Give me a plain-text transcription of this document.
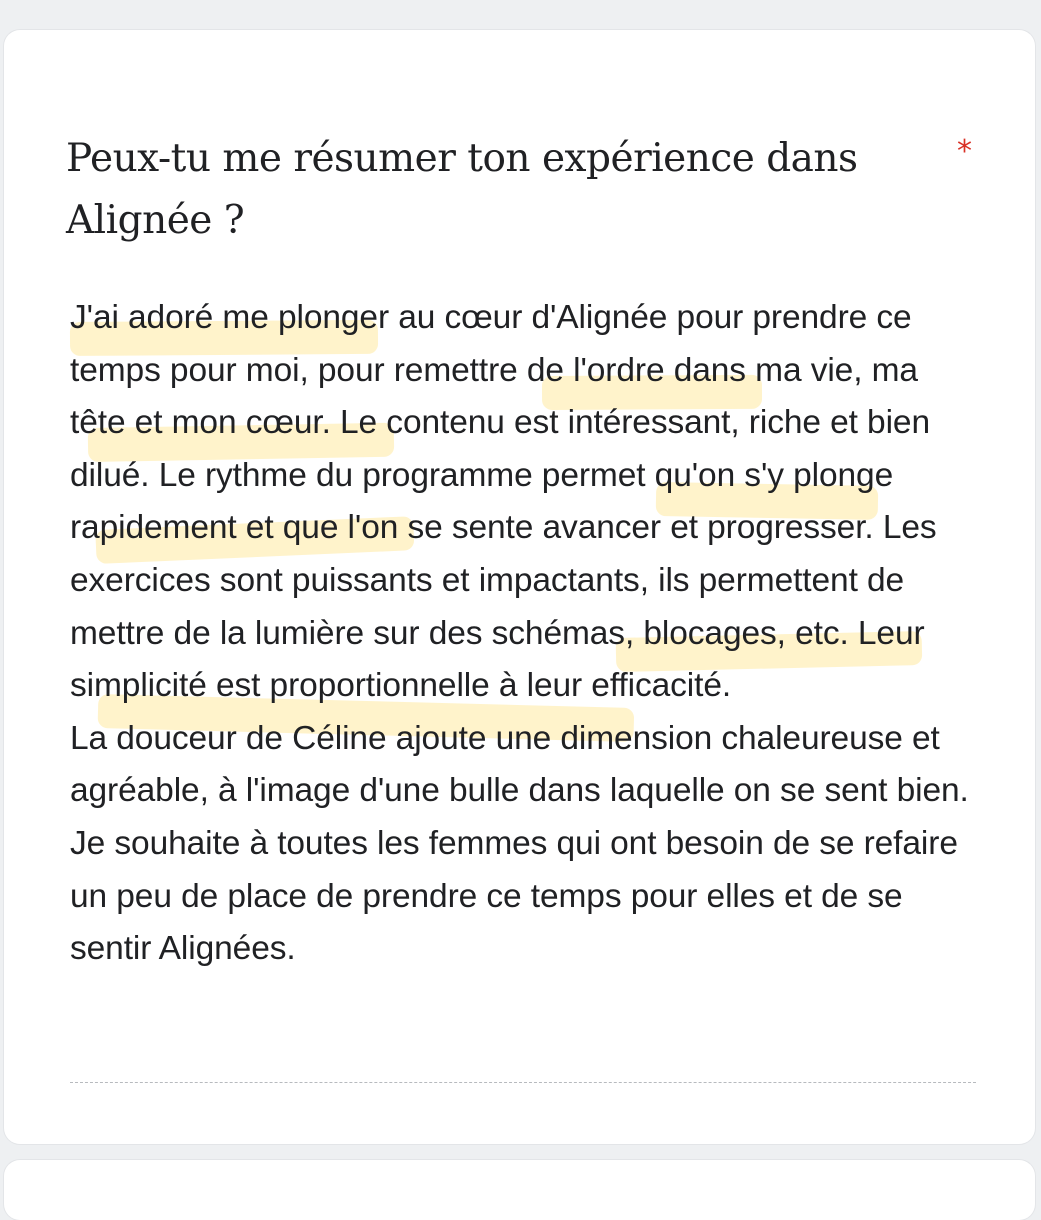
Peux-tu me résumer ton expérience dans Alignée ?
*

J'ai adoré me plonger au cœur d'Alignée pour prendre ce temps pour moi, pour remettre de l'ordre dans ma vie, ma tête et mon cœur. Le contenu est intéressant, riche et bien dilué. Le rythme du programme permet qu'on s'y plonge rapidement et que l'on se sente avancer et progresser. Les exercices sont puissants et impactants, ils permettent de mettre de la lumière sur des schémas, blocages, etc. Leur simplicité est proportionnelle à leur efficacité.
La douceur de Céline ajoute une dimension chaleureuse et agréable, à l'image d'une bulle dans laquelle on se sent bien.
Je souhaite à toutes les femmes qui ont besoin de se refaire un peu de place de prendre ce temps pour elles et de se sentir Alignées.
